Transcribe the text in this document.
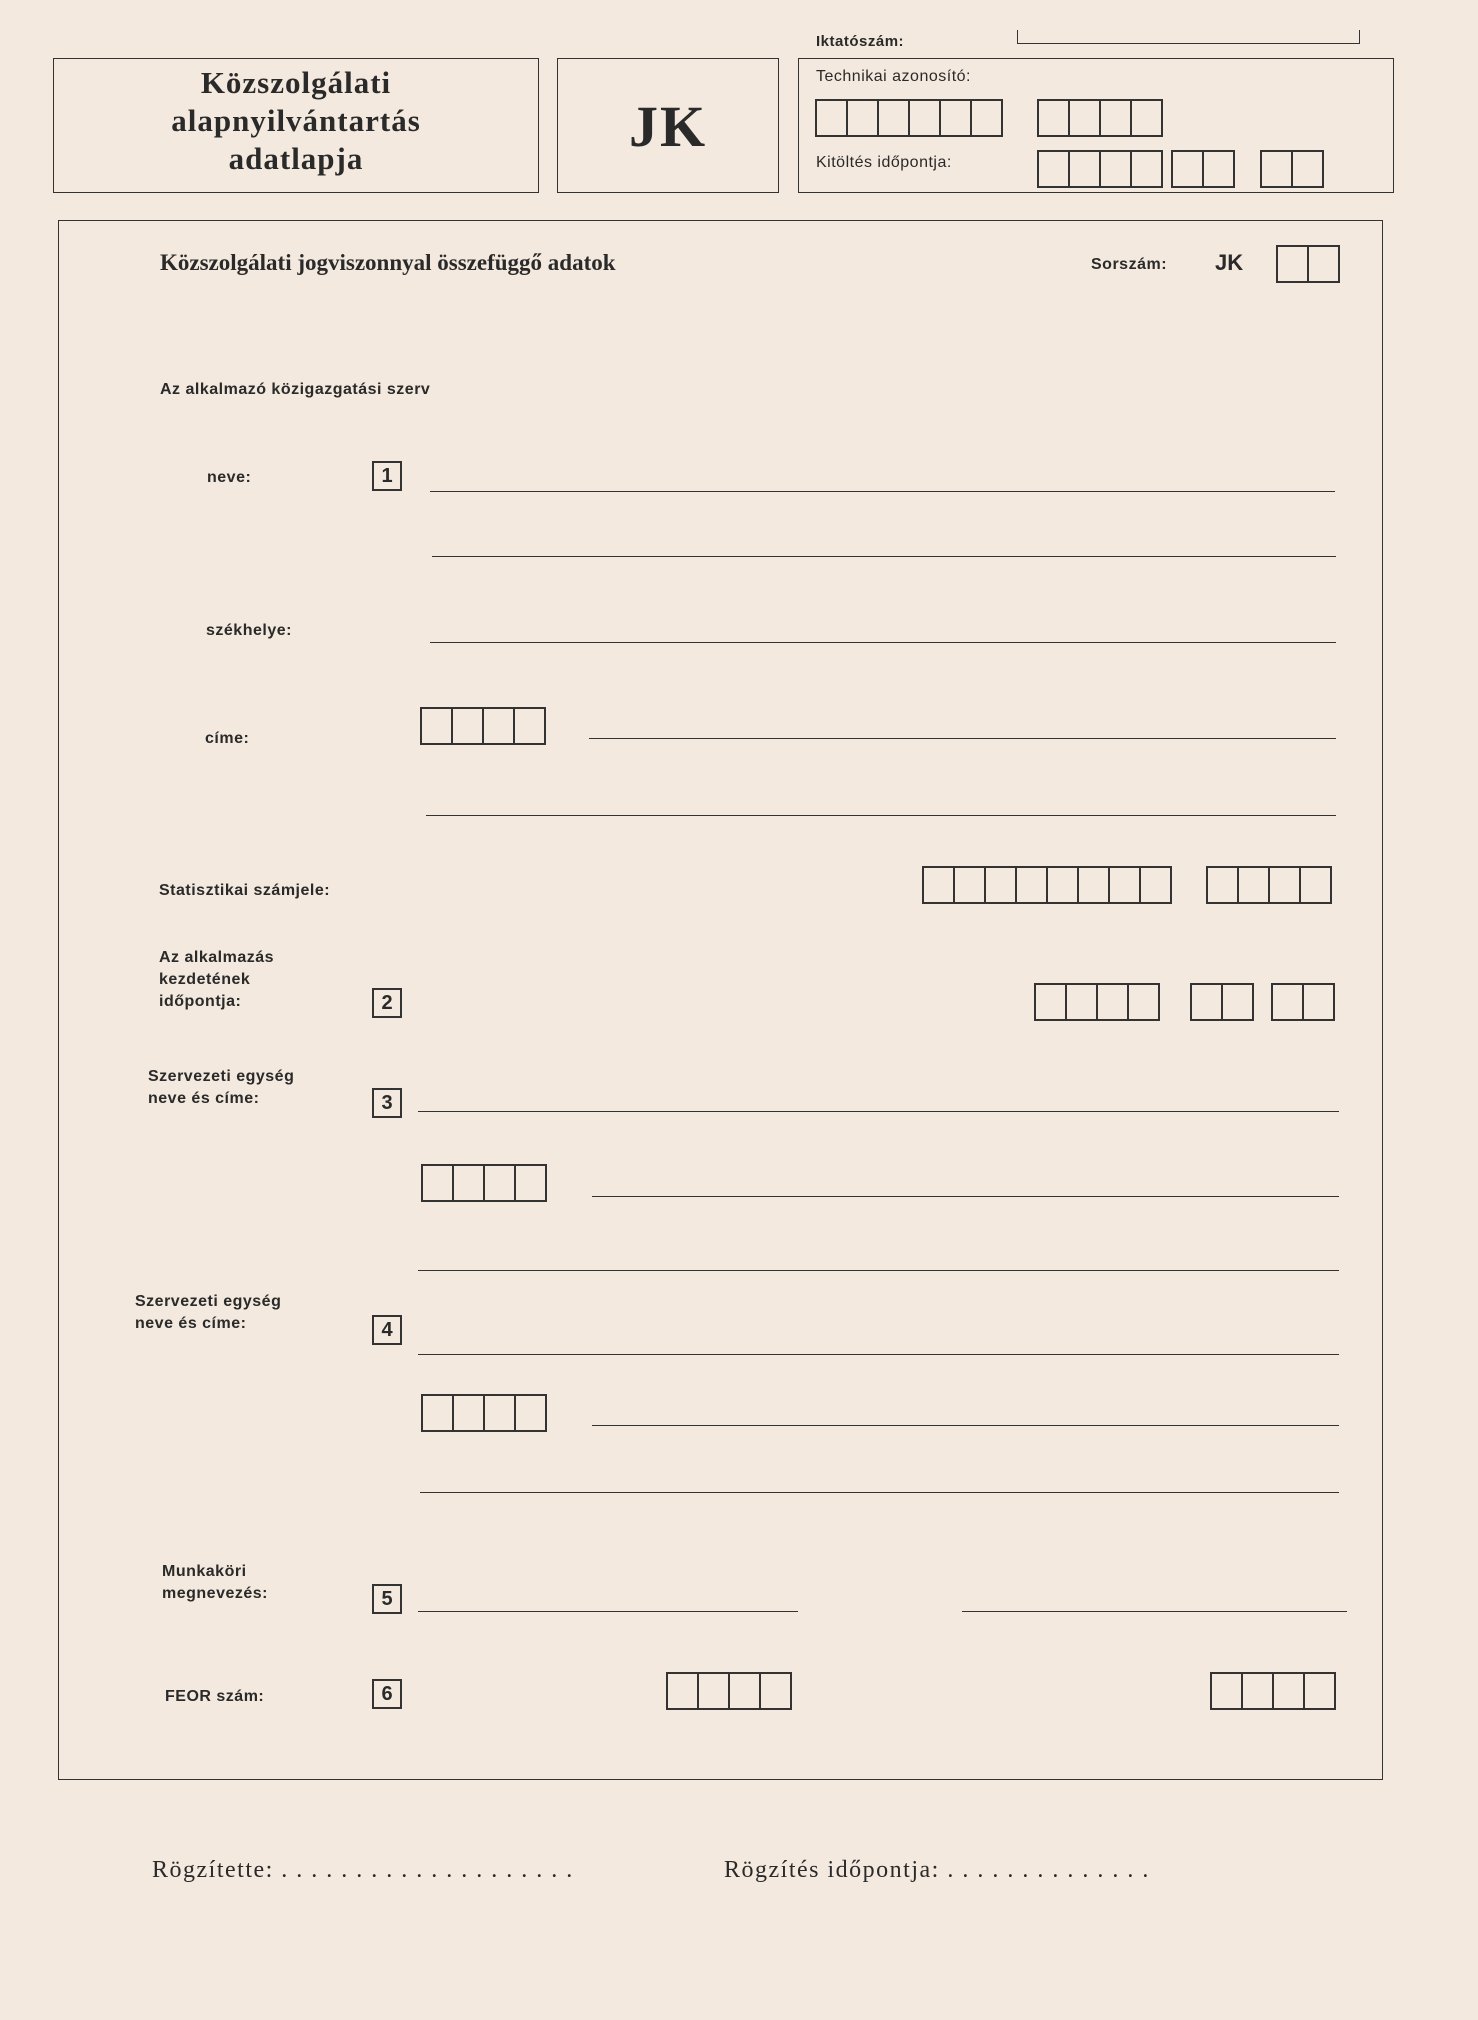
Közszolgálati
alapnyilvántartás
adatlapja	JK
Iktatószám:
Technikai azonosító:
Kitöltés időpontja:
Közszolgálati jogviszonnyal összefüggő adatok	Sorszám: JK
Az alkalmazó közigazgatási szerv
neve:	1
székhelye:
címe:
Statisztikai számjele:
Az alkalmazás
kezdetének
időpontja:	2
Szervezeti egység
neve és címe:	3
Szervezeti egység
neve és címe:	4
Munkaköri
megnevezés:	5
FEOR szám:	6
Rögzítette: . . . . . . . . . . . . . . . . . . . .	Rögzítés időpontja: . . . . . . . . . . . . . .
